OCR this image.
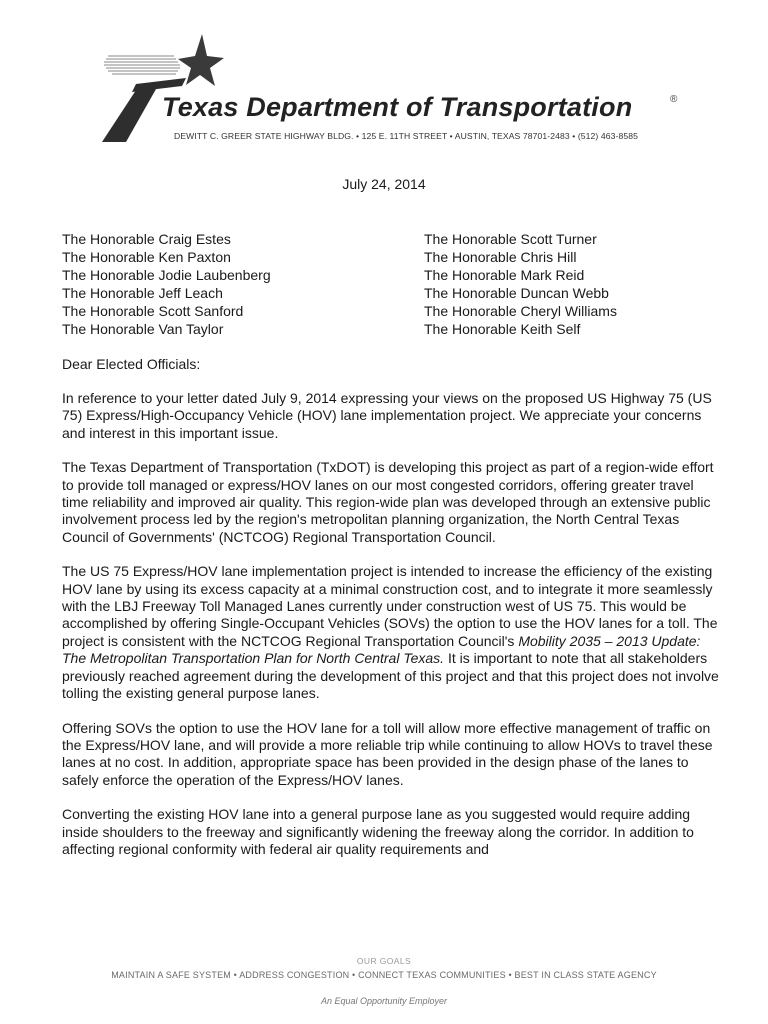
Texas Department of Transportation	®
DEWITT C. GREER STATE HIGHWAY BLDG. • 125 E. 11TH STREET • AUSTIN, TEXAS 78701-2483 • (512) 463-8585
July 24, 2014
The Honorable Craig Estes
The Honorable Ken Paxton
The Honorable Jodie Laubenberg
The Honorable Jeff Leach
The Honorable Scott Sanford
The Honorable Van Taylor
The Honorable Scott Turner
The Honorable Chris Hill
The Honorable Mark Reid
The Honorable Duncan Webb
The Honorable Cheryl Williams
The Honorable Keith Self
Dear Elected Officials:

In reference to your letter dated July 9, 2014 expressing your views on the proposed US Highway 75 (US 75) Express/High-Occupancy Vehicle (HOV) lane implementation project. We appreciate your concerns and interest in this important issue.

The Texas Department of Transportation (TxDOT) is developing this project as part of a region-wide effort to provide toll managed or express/HOV lanes on our most congested corridors, offering greater travel time reliability and improved air quality. This region-wide plan was developed through an extensive public involvement process led by the region's metropolitan planning organization, the North Central Texas Council of Governments' (NCTCOG) Regional Transportation Council.

The US 75 Express/HOV lane implementation project is intended to increase the efficiency of the existing HOV lane by using its excess capacity at a minimal construction cost, and to integrate it more seamlessly with the LBJ Freeway Toll Managed Lanes currently under construction west of US 75. This would be accomplished by offering Single-Occupant Vehicles (SOVs) the option to use the HOV lanes for a toll. The project is consistent with the NCTCOG Regional Transportation Council's Mobility 2035 – 2013 Update: The Metropolitan Transportation Plan for North Central Texas. It is important to note that all stakeholders previously reached agreement during the development of this project and that this project does not involve tolling the existing general purpose lanes.

Offering SOVs the option to use the HOV lane for a toll will allow more effective management of traffic on the Express/HOV lane, and will provide a more reliable trip while continuing to allow HOVs to travel these lanes at no cost. In addition, appropriate space has been provided in the design phase of the lanes to safely enforce the operation of the Express/HOV lanes.

Converting the existing HOV lane into a general purpose lane as you suggested would require adding inside shoulders to the freeway and significantly widening the freeway along the corridor. In addition to affecting regional conformity with federal air quality requirements and

OUR GOALS
MAINTAIN A SAFE SYSTEM • ADDRESS CONGESTION • CONNECT TEXAS COMMUNITIES • BEST IN CLASS STATE AGENCY
An Equal Opportunity Employer
